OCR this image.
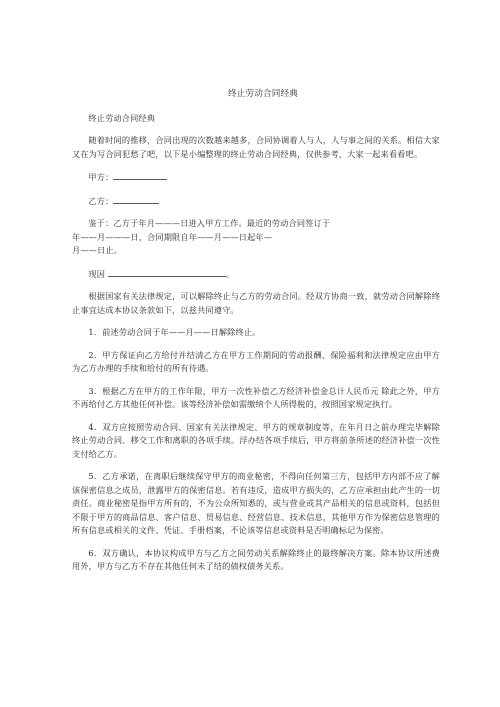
终止劳动合同经典

终止劳动合同经典

随着时间的推移，合同出现的次数越来越多，合同协调着人与人，人与事之间的关系。相信大家又在为写合同犯愁了吧，以下是小编整理的终止劳动合同经典，仅供参考，大家一起来看看吧。

甲方：

乙方：

鉴于：乙方于年月———日进入甲方工作。最近的劳动合同签订于
年——月———日，合同期限自年——月——日起年—
月——日止。

现因	。

根据国家有关法律规定，可以解除终止与乙方的劳动合同。经双方协商一致，就劳动合同解除终止事宜达成本协议条款如下，以兹共同遵守。

1．前述劳动合同于年——月——日解除终止。

2．甲方保证向乙方给付并结清乙方在甲方工作期间的劳动报酬、保险福利和法律规定应由甲方为乙方办理的手续和给付的所有待遇。

3．根据乙方在甲方的工作年限，甲方一次性补偿乙方经济补偿金总计人民币元 除此之外，甲方不再给付乙方其他任何补偿。该等经济补偿如需缴纳个人所得税的，按照国家规定执行。

4．双方应按照劳动合同、国家有关法律规定、甲方的规章制度等，在年月日之前办理完毕解除终止劳动合同、移交工作和离职的各项手续。浮办结各项手续后，甲方将前条所述的经济补偿一次性支付给乙方。

5．乙方承诺，在离职后继续保守甲方的商业秘密，不得向任何第三方，包括甲方内部不应了解该保密信息之成员，泄露甲方的保密信息。若有违反，造成甲方损失的，乙方应承担由此产生的一切责任。商业秘密是指甲方所有的，不为公众所知悉的，或与营业或其产品相关的信息或资料，包括但不限于甲方的商品信息、客户信息、贸易信息、经营信息、技术信息，其他甲方作为保密信息管理的所有信息或相关的文件、凭证、手册档案，不论该等信息或资料是否明确标记为保密。

6．双方确认，本协议构成甲方与乙方之间劳动关系解除终止的最终解决方案。除本协议所述费用外，甲方与乙方不存在其他任何未了结的债权债务关系。
